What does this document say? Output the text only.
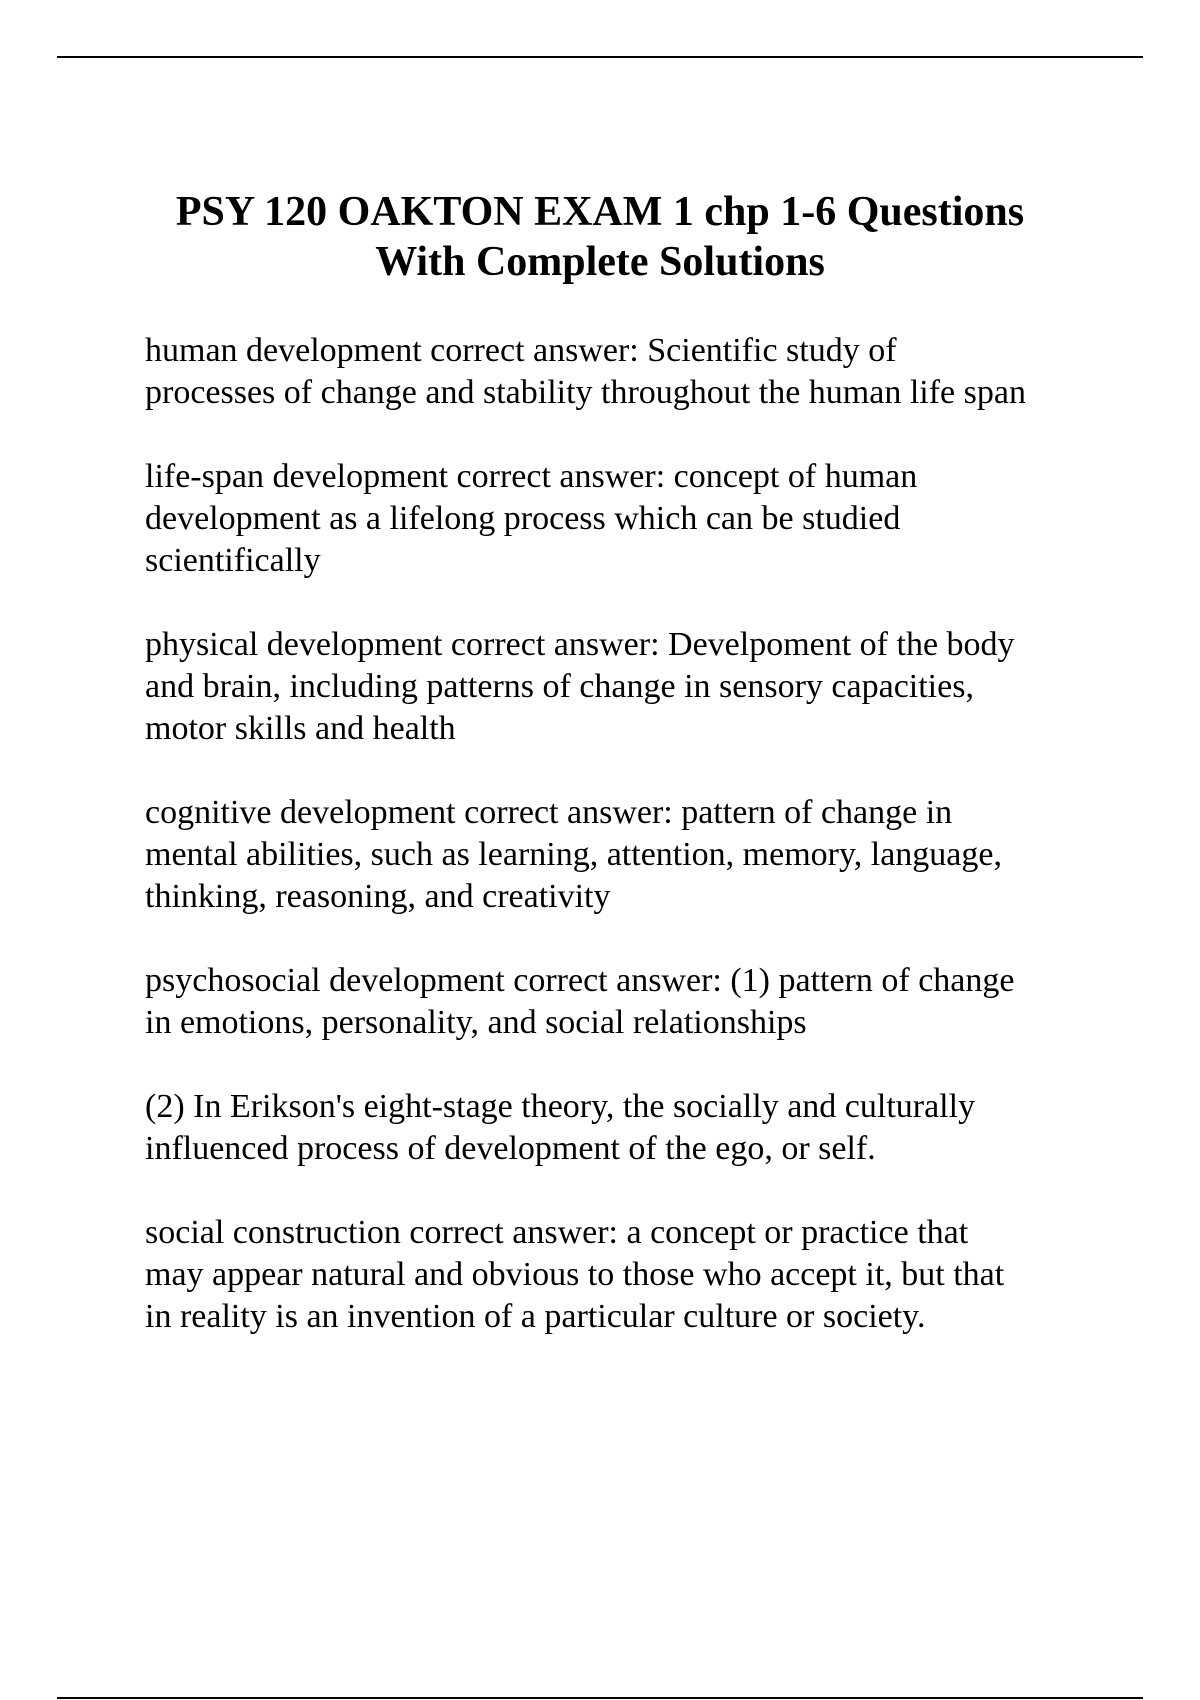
PSY 120 OAKTON EXAM 1 chp 1-6 Questions
With Complete Solutions

human development correct answer: Scientific study of
processes of change and stability throughout the human life span

life-span development correct answer: concept of human
development as a lifelong process which can be studied
scientifically

physical development correct answer: Develpoment of the body
and brain, including patterns of change in sensory capacities,
motor skills and health

cognitive development correct answer: pattern of change in
mental abilities, such as learning, attention, memory, language,
thinking, reasoning, and creativity

psychosocial development correct answer: (1) pattern of change
in emotions, personality, and social relationships

(2) In Erikson's eight-stage theory, the socially and culturally
influenced process of development of the ego, or self.

social construction correct answer: a concept or practice that
may appear natural and obvious to those who accept it, but that
in reality is an invention of a particular culture or society.
